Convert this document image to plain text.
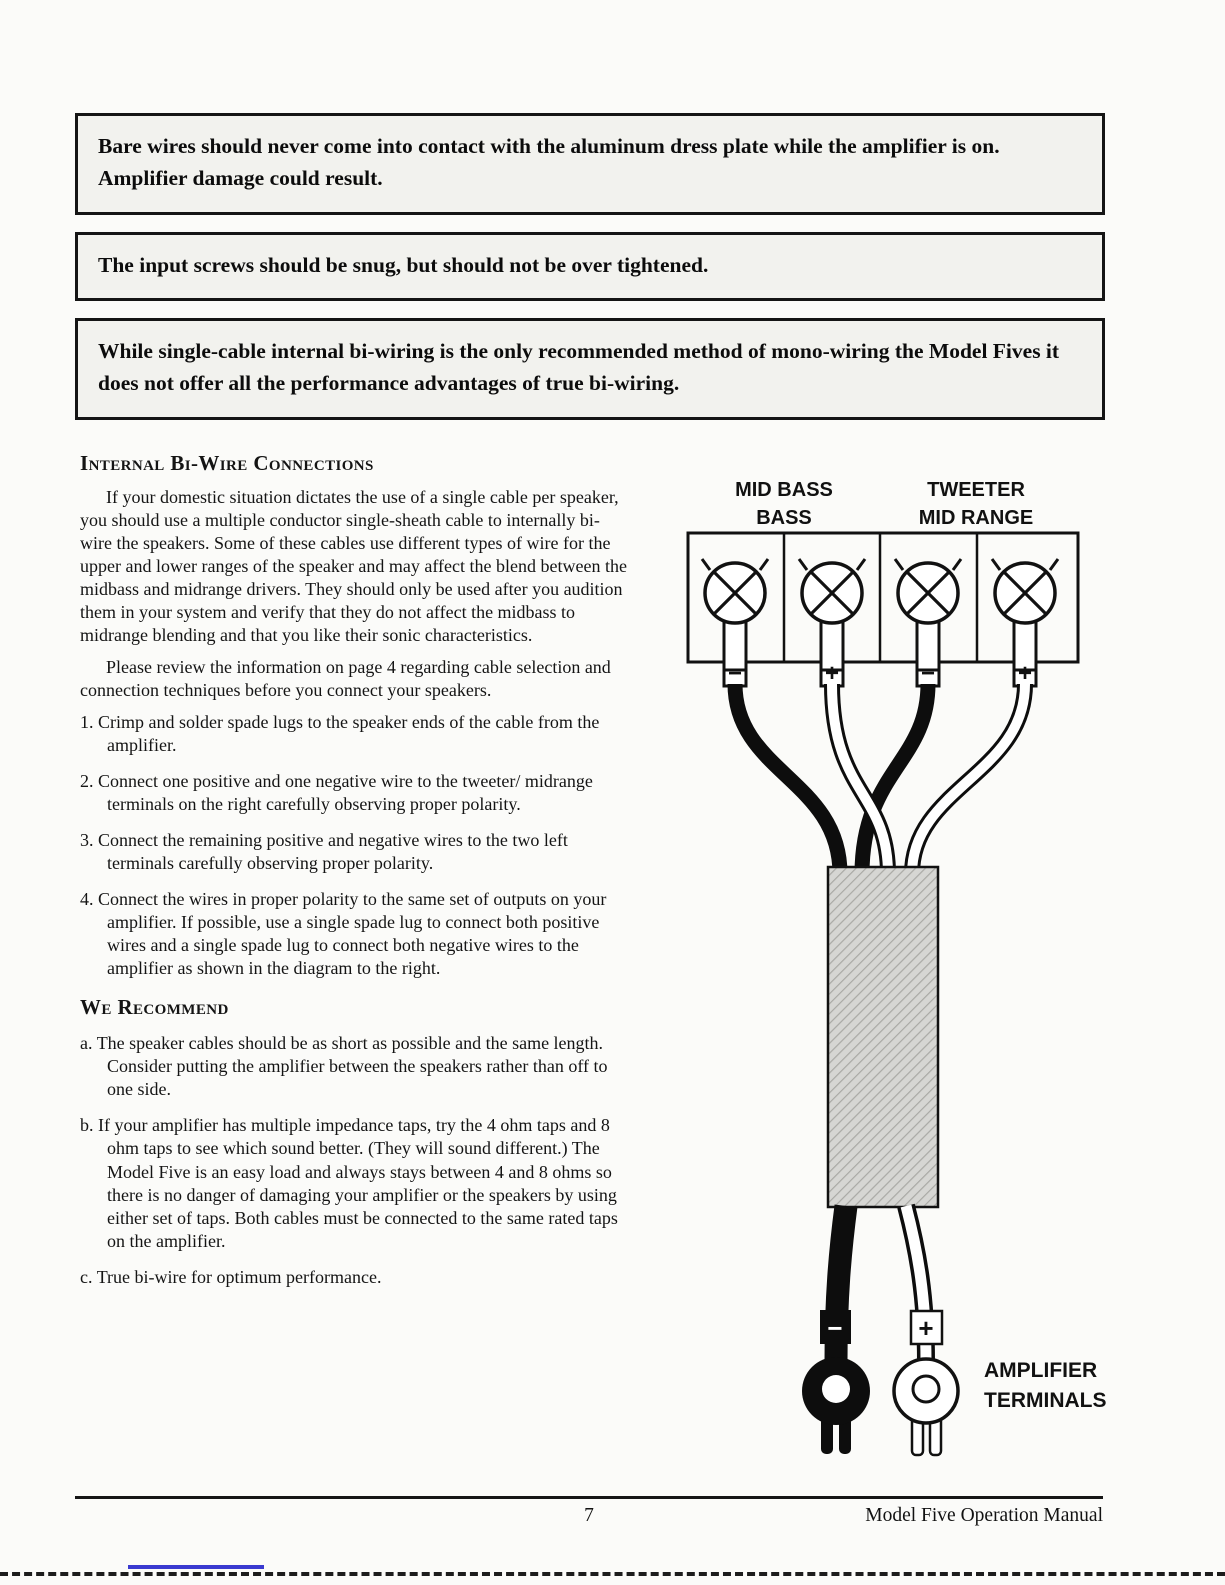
Bare wires should never come into contact with the aluminum dress plate while the amplifier is on. Amplifier damage could result.
The input screws should be snug, but should not be over tightened.
While single-cable internal bi-wiring is the only recommended method of mono-wiring the Model Fives it does not offer all the performance advantages of true bi-wiring.
Internal Bi-Wire Connections

If your domestic situation dictates the use of a single cable per speaker, you should use a multiple conductor single-sheath cable to internally bi-wire the speakers. Some of these cables use different types of wire for the upper and lower ranges of the speaker and may affect the blend between the midbass and midrange drivers. They should only be used after you audition them in your system and verify that they do not affect the midbass to midrange blending and that you like their sonic characteristics.

Please review the information on page 4 regarding cable selection and connection techniques before you connect your speakers.

1. Crimp and solder spade lugs to the speaker ends of the cable from the amplifier.
2. Connect one positive and one negative wire to the tweeter/ midrange terminals on the right carefully observing proper polarity.
3. Connect the remaining positive and negative wires to the two left terminals carefully observing proper polarity.
4. Connect the wires in proper polarity to the same set of outputs on your amplifier. If possible, use a single spade lug to connect both positive wires and a single spade lug to connect both negative wires to the amplifier as shown in the diagram to the right.
We Recommend
a. The speaker cables should be as short as possible and the same length. Consider putting the amplifier between the speakers rather than off to one side.
b. If your amplifier has multiple impedance taps, try the 4 ohm taps and 8 ohm taps to see which sound better. (They will sound different.) The Model Five is an easy load and always stays between 4 and 8 ohms so there is no danger of damaging your amplifier or the speakers by using either set of taps. Both cables must be connected to the same rated taps on the amplifier.
c. True bi-wire for optimum performance.
MID BASS
BASS
TWEETER
MID RANGE
−	+	−	+
−	+
AMPLIFIER
TERMINALS
7	Model Five Operation Manual
